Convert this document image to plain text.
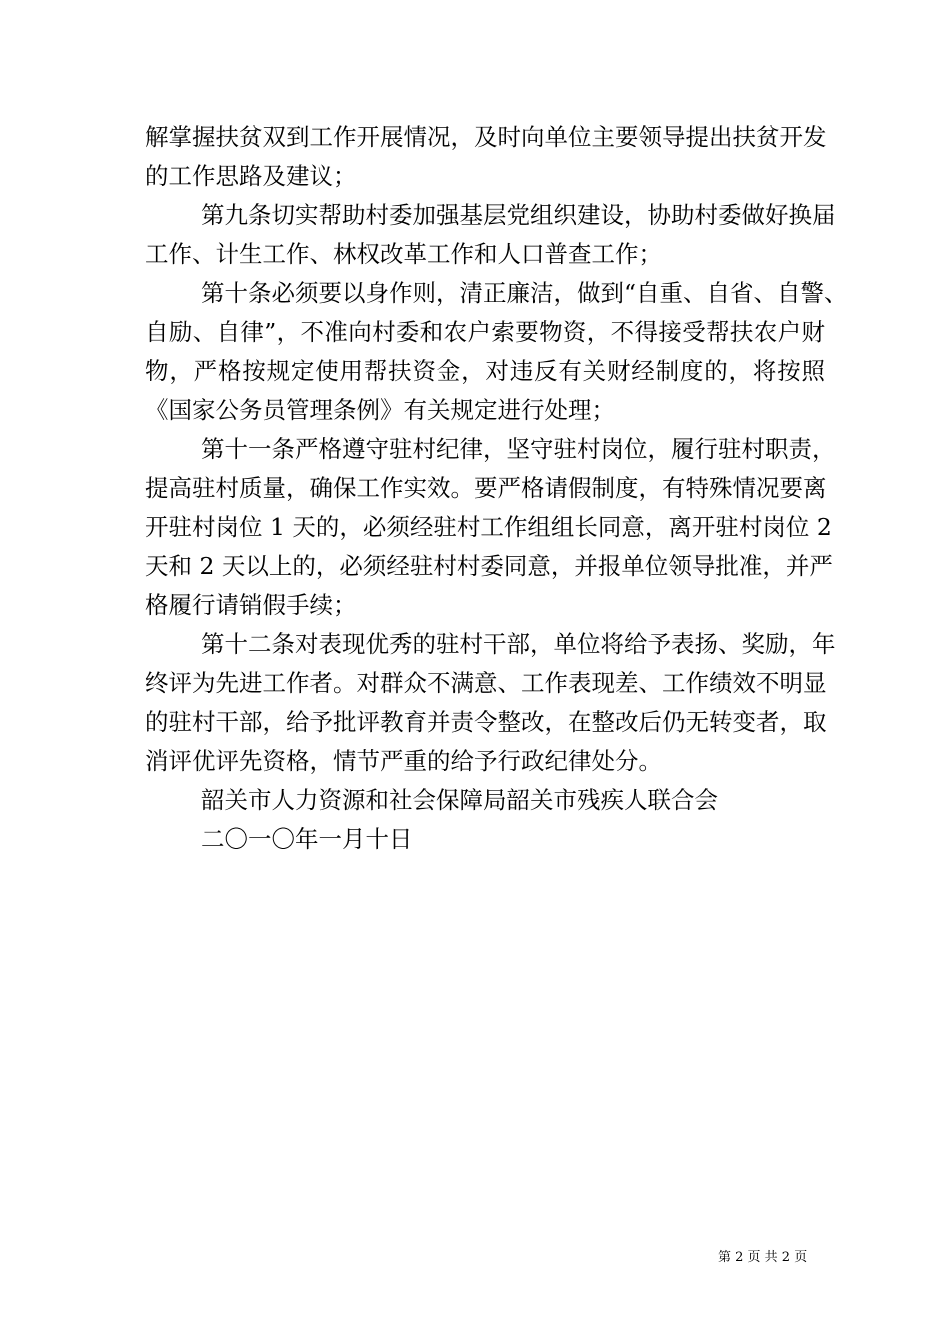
解掌握扶贫双到工作开展情况，及时向单位主要领导提出扶贫开发
的工作思路及建议；
第九条切实帮助村委加强基层党组织建设，协助村委做好换届
工作、计生工作、林权改革工作和人口普查工作；
第十条必须要以身作则，清正廉洁，做到“自重、自省、自警、
自励、自律”，不准向村委和农户索要物资，不得接受帮扶农户财
物，严格按规定使用帮扶资金，对违反有关财经制度的，将按照
《国家公务员管理条例》有关规定进行处理；
第十一条严格遵守驻村纪律，坚守驻村岗位，履行驻村职责，
提高驻村质量，确保工作实效。要严格请假制度，有特殊情况要离
开驻村岗位 1 天的，必须经驻村工作组组长同意，离开驻村岗位 2
天和 2 天以上的，必须经驻村村委同意，并报单位领导批准，并严
格履行请销假手续；
第十二条对表现优秀的驻村干部，单位将给予表扬、奖励，年
终评为先进工作者。对群众不满意、工作表现差、工作绩效不明显
的驻村干部，给予批评教育并责令整改，在整改后仍无转变者，取
消评优评先资格，情节严重的给予行政纪律处分。
韶关市人力资源和社会保障局韶关市残疾人联合会
二〇一〇年一月十日
第 2 页 共 2 页
